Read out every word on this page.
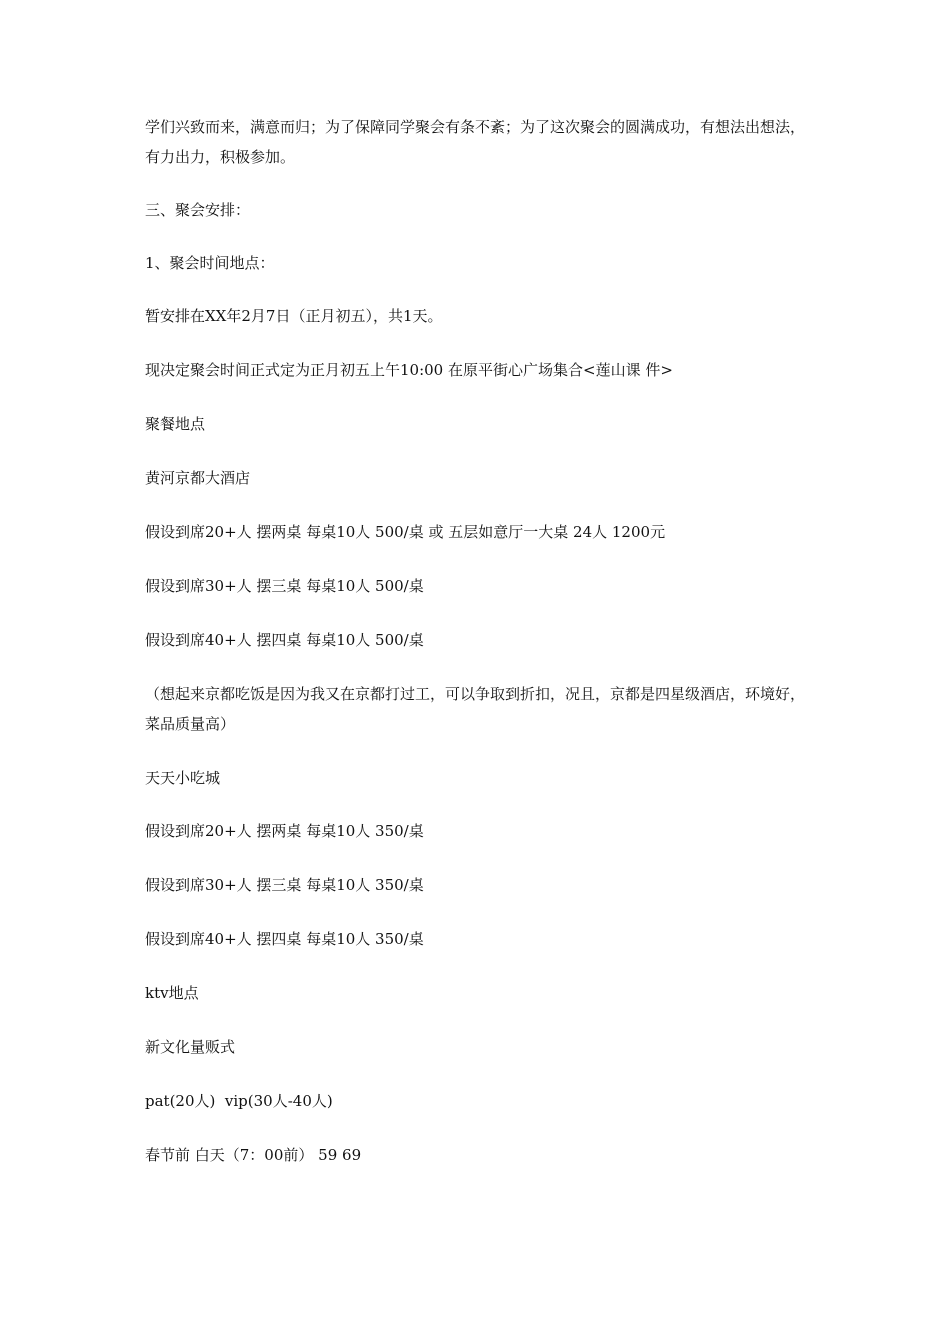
学们兴致而来，满意而归；为了保障同学聚会有条不紊；为了这次聚会的圆满成功，有想法出想法，有力出力，积极参加。

三、聚会安排：

1、聚会时间地点：

暂安排在XX年2月7日（正月初五），共1天。

现决定聚会时间正式定为正月初五上午10:00 在原平街心广场集合<莲山课 件>

聚餐地点

黄河京都大酒店

假设到席20+人 摆两桌 每桌10人 500/桌 或 五层如意厅一大桌 24人 1200元

假设到席30+人 摆三桌 每桌10人 500/桌

假设到席40+人 摆四桌 每桌10人 500/桌

（想起来京都吃饭是因为我又在京都打过工，可以争取到折扣，况且，京都是四星级酒店，环境好，菜品质量高）

天天小吃城

假设到席20+人 摆两桌 每桌10人 350/桌

假设到席30+人 摆三桌 每桌10人 350/桌

假设到席40+人 摆四桌 每桌10人 350/桌

ktv地点

新文化量贩式

pat(20人)  vip(30人-40人)

春节前 白天（7：00前） 59 69
